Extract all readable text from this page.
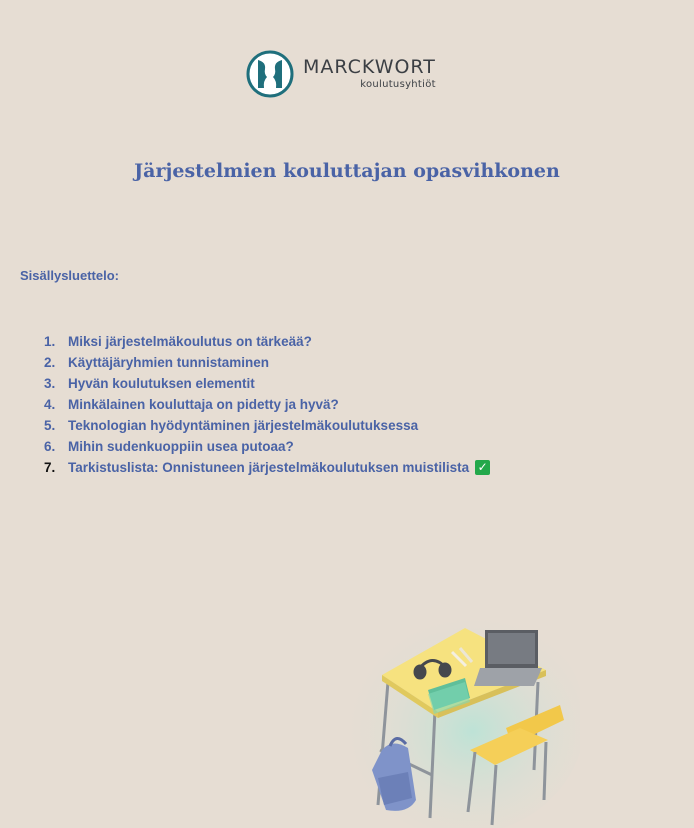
MARCKWORT
koulutusyhtiöt
Järjestelmien kouluttajan opasvihkonen
Sisällysluettelo:
1. Miksi järjestelmäkoulutus on tärkeää?
2. Käyttäjäryhmien tunnistaminen
3. Hyvän koulutuksen elementit
4. Minkälainen kouluttaja on pidetty ja hyvä?
5. Teknologian hyödyntäminen järjestelmäkoulutuksessa
6. Mihin sudenkuoppiin usea putoaa?
7. Tarkistuslista: Onnistuneen järjestelmäkoulutuksen muistilista ✓
